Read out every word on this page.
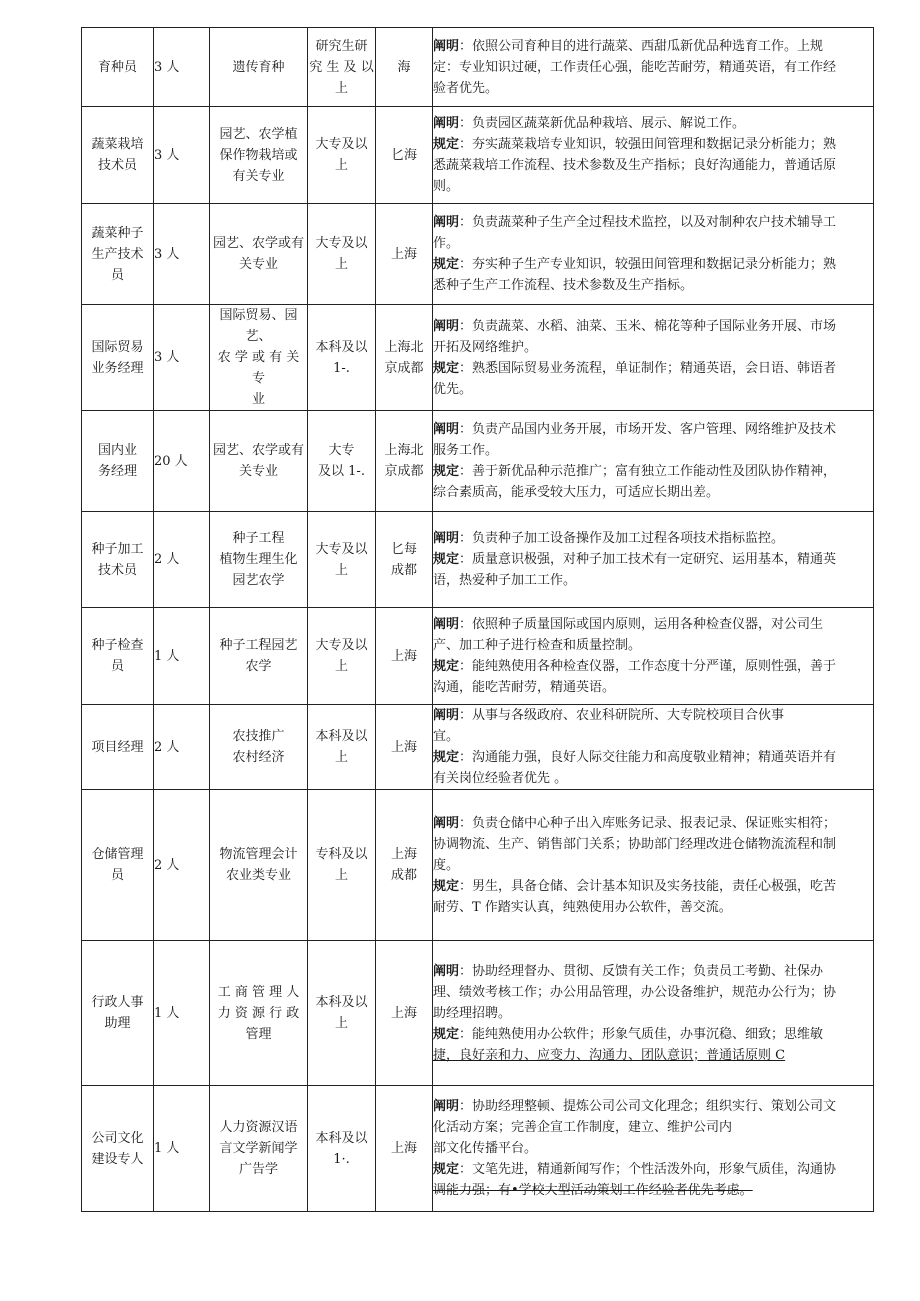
育种员	3 人	遗传育种	研究生研
究 生 及 以
上	海	阐明：依照公司育种目的进行蔬菜、西甜瓜新优品种选育工作。上规
定：专业知识过硬，工作责任心强，能吃苦耐劳，精通英语，有工作经
验者优先。

蔬菜栽培
技术员	3 人	园艺、农学植
保作物栽培或
有关专业	大专及以
上	匕海	阐明：负责园区蔬菜新优品种栽培、展示、解说工作。
规定：夯实蔬菜栽培专业知识，较强田间管理和数据记录分析能力；熟
悉蔬菜栽培工作流程、技术参数及生产指标；良好沟通能力，普通话原
则。

蔬菜种子
生产技术
员	3 人	园艺、农学或有
关专业	大专及以
上	上海	阐明：负责蔬菜种子生产全过程技术监控，以及对制种农户技术辅导工
作。
规定：夯实种子生产专业知识，较强田间管理和数据记录分析能力；熟
悉种子生产工作流程、技术参数及生产指标。

国际贸易
业务经理	3 人	国际贸易、园艺、
农 学 或 有 关 专
业	本科及以
1-.	上海北
京成都	阐明：负责蔬菜、水稻、油菜、玉米、棉花等种子国际业务开展、市场
开拓及网络维护。
规定：熟悉国际贸易业务流程，单证制作；精通英语，会日语、韩语者
优先。

国内业
务经理	20 人	园艺、农学或有
关专业	大专
及以 1-.	上海北
京成都	阐明：负责产品国内业务开展，市场开发、客户管理、网络维护及技术
服务工作。
规定：善于新优品种示范推广；富有独立工作能动性及团队协作精神，
综合素质高，能承受较大压力，可适应长期出差。

种子加工
技术员	2 人	种子工程
植物生理生化
园艺农学	大专及以
上	匕每
成都	阐明：负责种子加工设备操作及加工过程各项技术指标监控。
规定：质量意识极强，对种子加工技术有一定研究、运用基本，精通英
语，热爱种子加工工作。

种子检查
员	1 人	种子工程园艺
农学	大专及以
上	上海	阐明：依照种子质量国际或国内原则，运用各种检查仪器，对公司生
产、加工种子进行检查和质量控制。
规定：能纯熟使用各种检查仪器，工作态度十分严谨，原则性强，善于
沟通，能吃苦耐劳，精通英语。

项目经理	2 人	农技推广
农村经济	本科及以
上	上海	阐明：从事与各级政府、农业科研院所、大专院校项目合伙事
宜。
规定：沟通能力强，良好人际交往能力和高度敬业精神；精通英语并有
有关岗位经验者优先 。

仓储管理
员	2 人	物流管理会计
农业类专业	专科及以
上	上海
成都	阐明：负责仓储中心种子出入库账务记录、报表记录、保证账实相符；
协调物流、生产、销售部门关系；协助部门经理改进仓储物流流程和制
度。
规定：男生，具备仓储、会计基本知识及实务技能，责任心极强，吃苦
耐劳、T 作踏实认真，纯熟使用办公软件，善交流。

行政人事
助理	1 人	工 商 管 理 人
力 资 源 行 政
管理	本科及以
上	上海	阐明：协助经理督办、贯彻、反馈有关工作；负责员工考勤、社保办
理、绩效考核工作；办公用品管理，办公设备维护，规范办公行为；协
助经理招聘。
规定：能纯熟使用办公软件；形象气质佳，办事沉稳、细致；思维敏
捷，良好亲和力、应变力、沟通力、团队意识；普通话原则 C

公司文化
建设专人	1 人	人力资源汉语
言文学新闻学
广告学	本科及以
1·.	上海	阐明：协助经理整顿、提炼公司公司文化理念；组织实行、策划公司文
化活动方案；完善企宣工作制度，建立、维护公司内
部文化传播平台。
规定：文笔先进，精通新闻写作；个性活泼外向，形象气质佳，沟通协
调能力强；有•学校大型活动策划工作经验者优先考虑。
